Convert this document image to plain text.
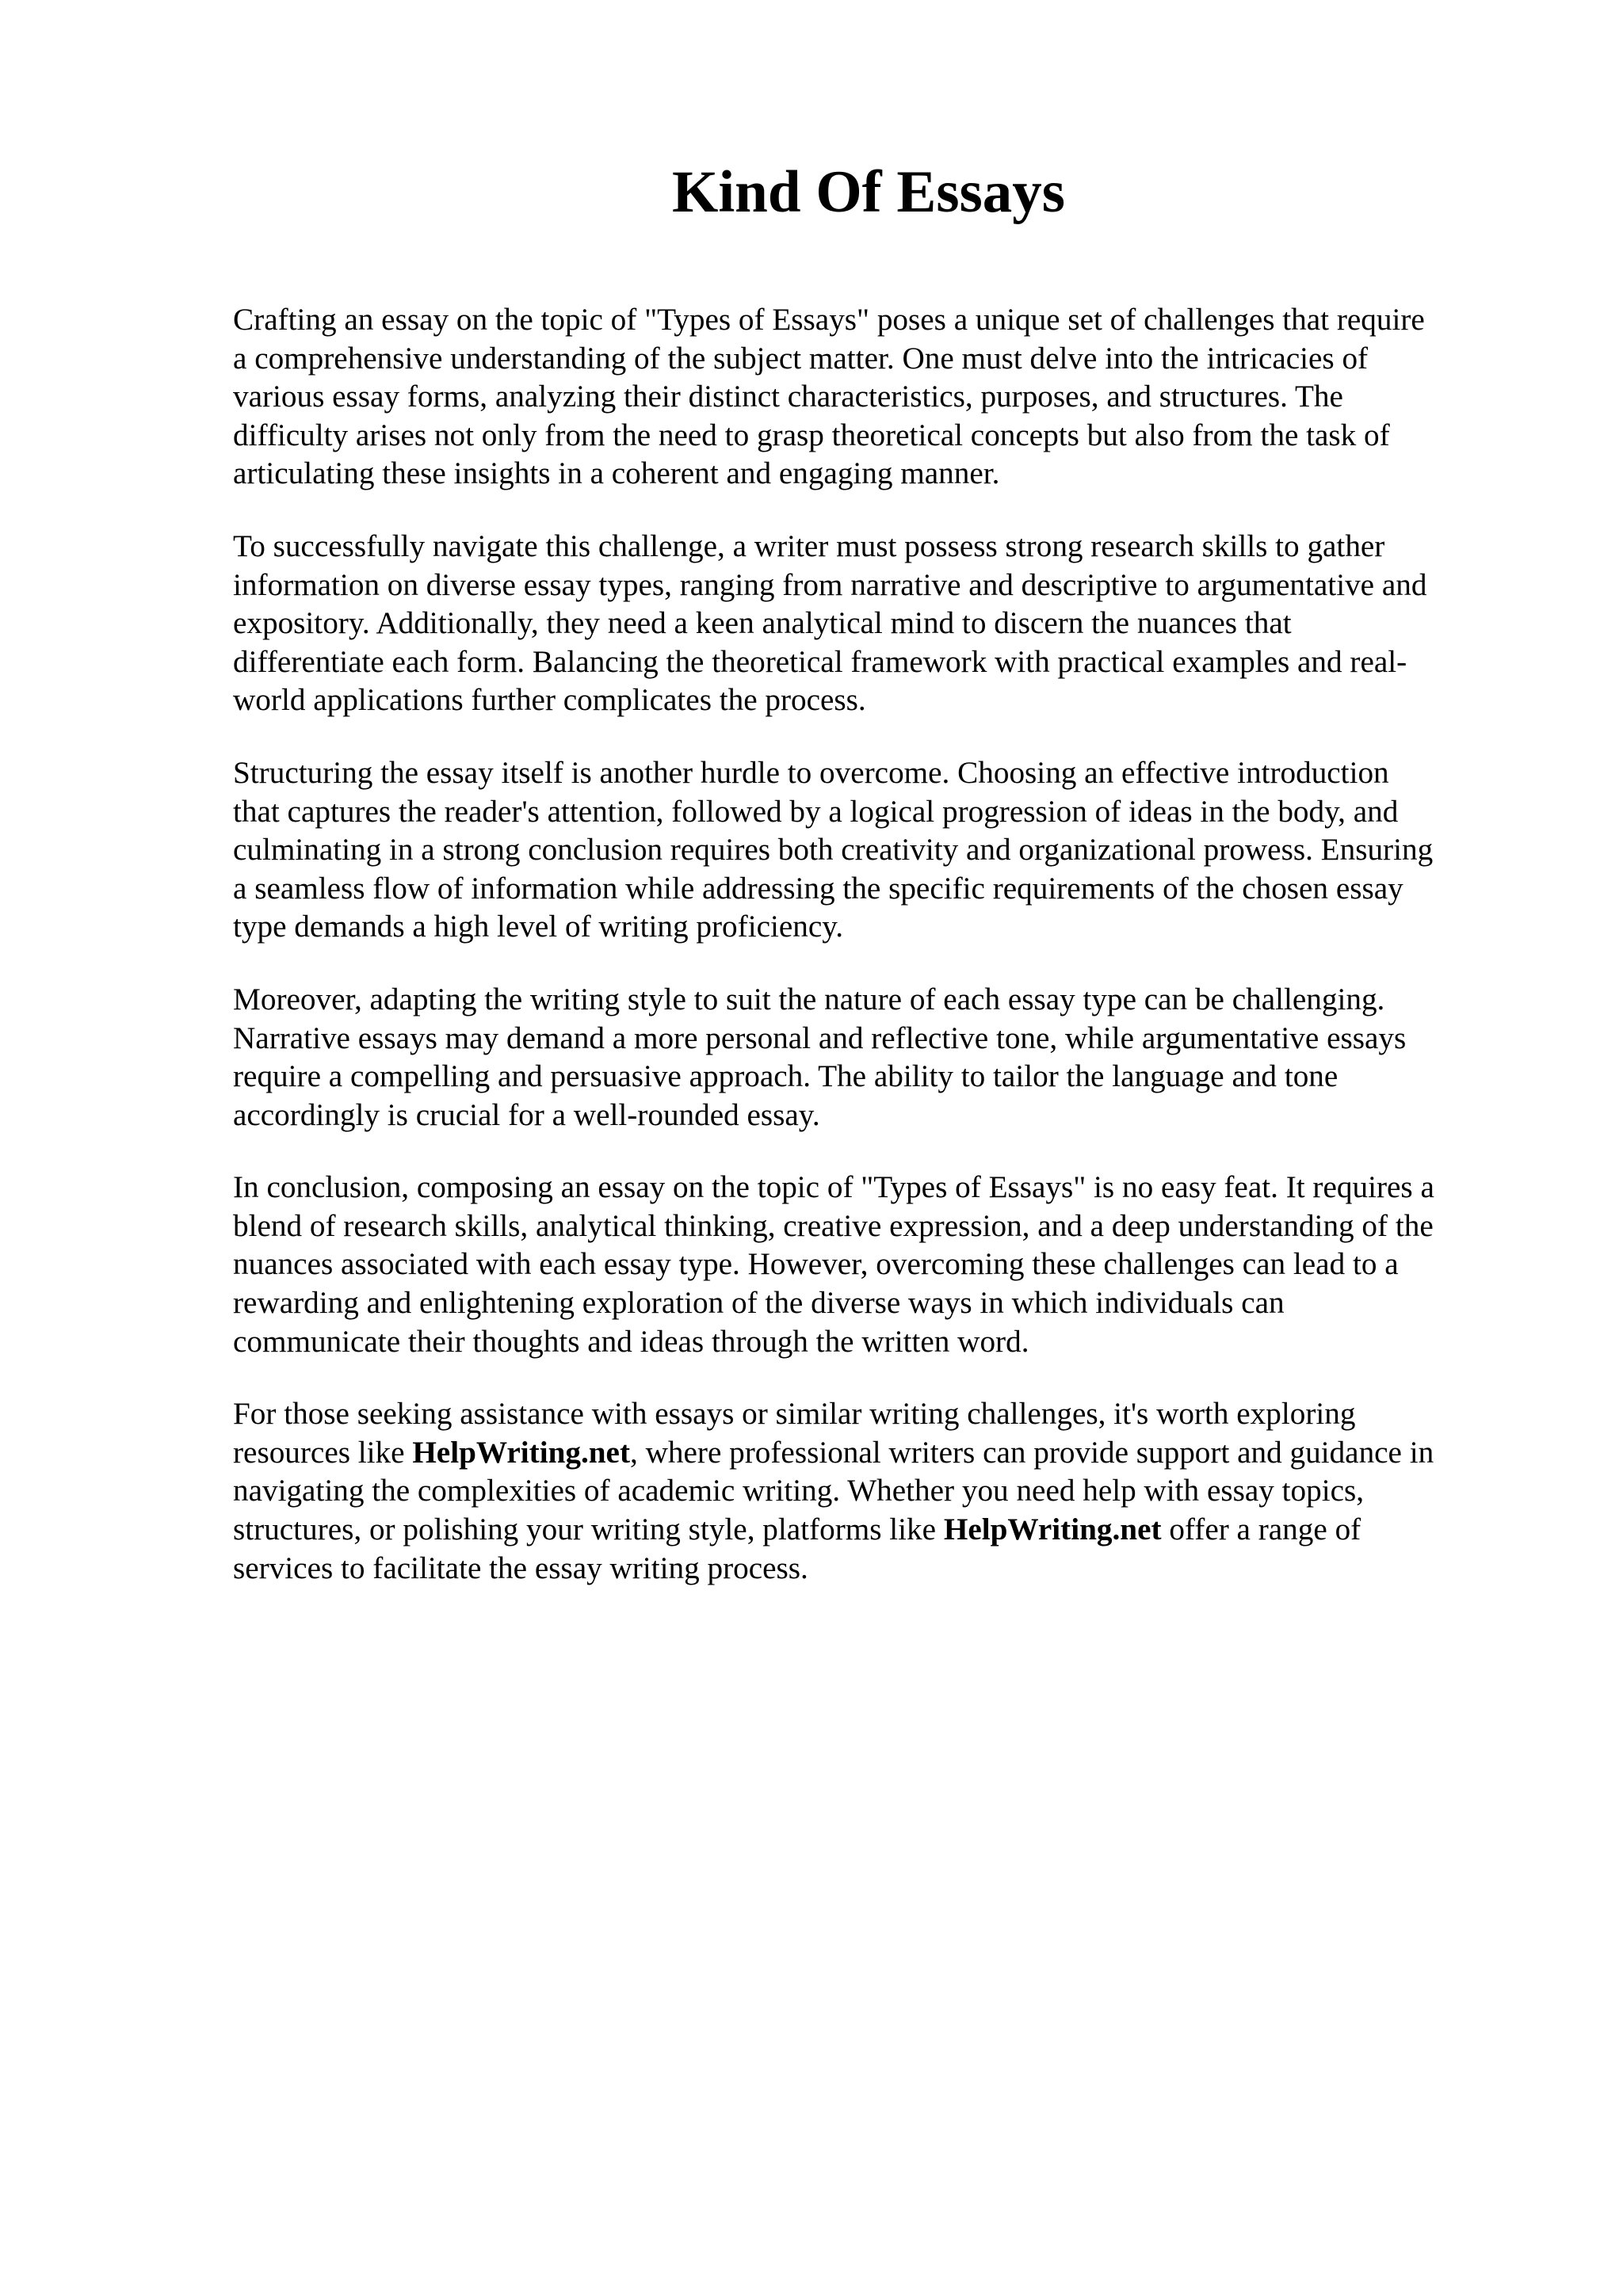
Kind Of Essays

Crafting an essay on the topic of "Types of Essays" poses a unique set of challenges that require
a comprehensive understanding of the subject matter. One must delve into the intricacies of
various essay forms, analyzing their distinct characteristics, purposes, and structures. The
difficulty arises not only from the need to grasp theoretical concepts but also from the task of
articulating these insights in a coherent and engaging manner.

To successfully navigate this challenge, a writer must possess strong research skills to gather
information on diverse essay types, ranging from narrative and descriptive to argumentative and
expository. Additionally, they need a keen analytical mind to discern the nuances that
differentiate each form. Balancing the theoretical framework with practical examples and real-
world applications further complicates the process.

Structuring the essay itself is another hurdle to overcome. Choosing an effective introduction
that captures the reader's attention, followed by a logical progression of ideas in the body, and
culminating in a strong conclusion requires both creativity and organizational prowess. Ensuring
a seamless flow of information while addressing the specific requirements of the chosen essay
type demands a high level of writing proficiency.

Moreover, adapting the writing style to suit the nature of each essay type can be challenging.
Narrative essays may demand a more personal and reflective tone, while argumentative essays
require a compelling and persuasive approach. The ability to tailor the language and tone
accordingly is crucial for a well-rounded essay.

In conclusion, composing an essay on the topic of "Types of Essays" is no easy feat. It requires a
blend of research skills, analytical thinking, creative expression, and a deep understanding of the
nuances associated with each essay type. However, overcoming these challenges can lead to a
rewarding and enlightening exploration of the diverse ways in which individuals can
communicate their thoughts and ideas through the written word.

For those seeking assistance with essays or similar writing challenges, it's worth exploring
resources like HelpWriting.net, where professional writers can provide support and guidance in
navigating the complexities of academic writing. Whether you need help with essay topics,
structures, or polishing your writing style, platforms like HelpWriting.net offer a range of
services to facilitate the essay writing process.
